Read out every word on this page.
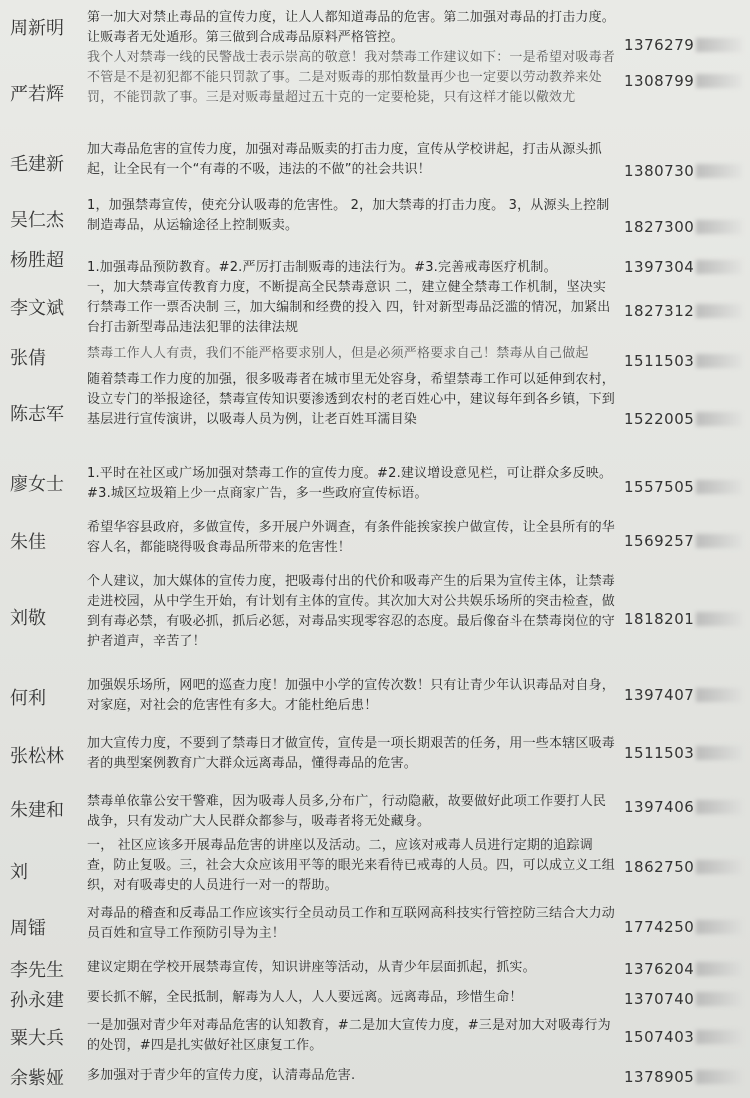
周新明
第一加大对禁止毒品的宣传力度，让人人都知道毒品的危害。第二加强对毒品的打击力度。让贩毒者无处遁形。第三做到合成毒品原料严格管控。	1376279
严若辉
我个人对禁毒一线的民警战士表示崇高的敬意！我对禁毒工作建议如下：一是希望对吸毒者不管是不是初犯都不能只罚款了事。二是对贩毒的那怕数量再少也一定要以劳动教养来处罚，不能罚款了事。三是对贩毒量超过五十克的一定要枪毙，只有这样才能以儆效尤
1308799
毛建新
加大毒品危害的宣传力度，加强对毒品贩卖的打击力度，宣传从学校讲起，打击从源头抓起，让全民有一个“有毒的不吸，违法的不做”的社会共识！	1380730
吴仁杰
1，加强禁毒宣传，使充分认吸毒的危害性。 2，加大禁毒的打击力度。 3，从源头上控制制造毒品，从运输途径上控制贩卖。	1827300
杨胜超 1.加强毒品预防教育。#2.严厉打击制贩毒的违法行为。#3.完善戒毒医疗机制。	1397304
李文斌
一，加大禁毒宣传教育力度，不断提高全民禁毒意识 二，建立健全禁毒工作机制，坚决实行禁毒工作一票否决制 三，加大编制和经费的投入 四，针对新型毒品泛滥的情况，加紧出台打击新型毒品违法犯罪的法律法规
1827312
张倩	禁毒工作人人有责，我们不能严格要求别人，但是必须严格要求自己！禁毒从自己做起	1511503
陈志军
随着禁毒工作力度的加强，很多吸毒者在城市里无处容身，希望禁毒工作可以延伸到农村，设立专门的举报途径，禁毒宣传知识要渗透到农村的老百姓心中，建议每年到各乡镇，下到基层进行宣传演讲，以吸毒人员为例，让老百姓耳濡目染	1522005
廖女士
1.平时在社区或广场加强对禁毒工作的宣传力度。#2.建议增设意见栏，可让群众多反映。#3.城区垃圾箱上少一点商家广告，多一些政府宣传标语。	1557505
朱佳
希望华容县政府，多做宣传，多开展户外调查，有条件能挨家挨户做宣传，让全县所有的华容人名，都能晓得吸食毒品所带来的危害性！	1569257
刘敬
个人建议，加大媒体的宣传力度，把吸毒付出的代价和吸毒产生的后果为宣传主体，让禁毒走进校园，从中学生开始，有计划有主体的宣传。其次加大对公共娱乐场所的突击检查，做到有毒必禁，有吸必抓，抓后必惩，对毒品实现零容忍的态度。最后像奋斗在禁毒岗位的守护者道声，辛苦了！
1818201
何利
加强娱乐场所，网吧的巡查力度！加强中小学的宣传次数！只有让青少年认识毒品对自身，对家庭，对社会的危害性有多大。才能杜绝后患！
1397407
张松林
加大宣传力度，不要到了禁毒日才做宣传，宣传是一项长期艰苦的任务，用一些本辖区吸毒者的典型案例教育广大群众远离毒品，懂得毒品的危害。
1511503
朱建和 禁毒单依靠公安干警难，因为吸毒人员多,分布广，行动隐蔽，故要做好此项工作要打人民战争，只有发动广大人民群众都参与，吸毒者将无处藏身。
1397406
刘
一， 社区应该多开展毒品危害的讲座以及活动。二，应该对戒毒人员进行定期的追踪调查，防止复吸。三，社会大众应该用平等的眼光来看待已戒毒的人员。四，可以成立义工组织，对有吸毒史的人员进行一对一的帮助。
1862750
周镭
对毒品的稽查和反毒品工作应该实行全员动员工作和互联网高科技实行管控防三结合大力动员百姓和宣导工作预防引导为主！	1774250
李先生 建议定期在学校开展禁毒宣传，知识讲座等活动，从青少年层面抓起，抓实。	1376204
孙永建 要长抓不解，全民抵制，解毒为人人，人人要远离。远离毒品，珍惜生命！	1370740
粟大兵
一是加强对青少年对毒品危害的认知教育，#二是加大宣传力度，#三是对加大对吸毒行为的处罚，#四是扎实做好社区康复工作。	1507403
余紫娅 多加强对于青少年的宣传力度，认清毒品危害.	1378905
